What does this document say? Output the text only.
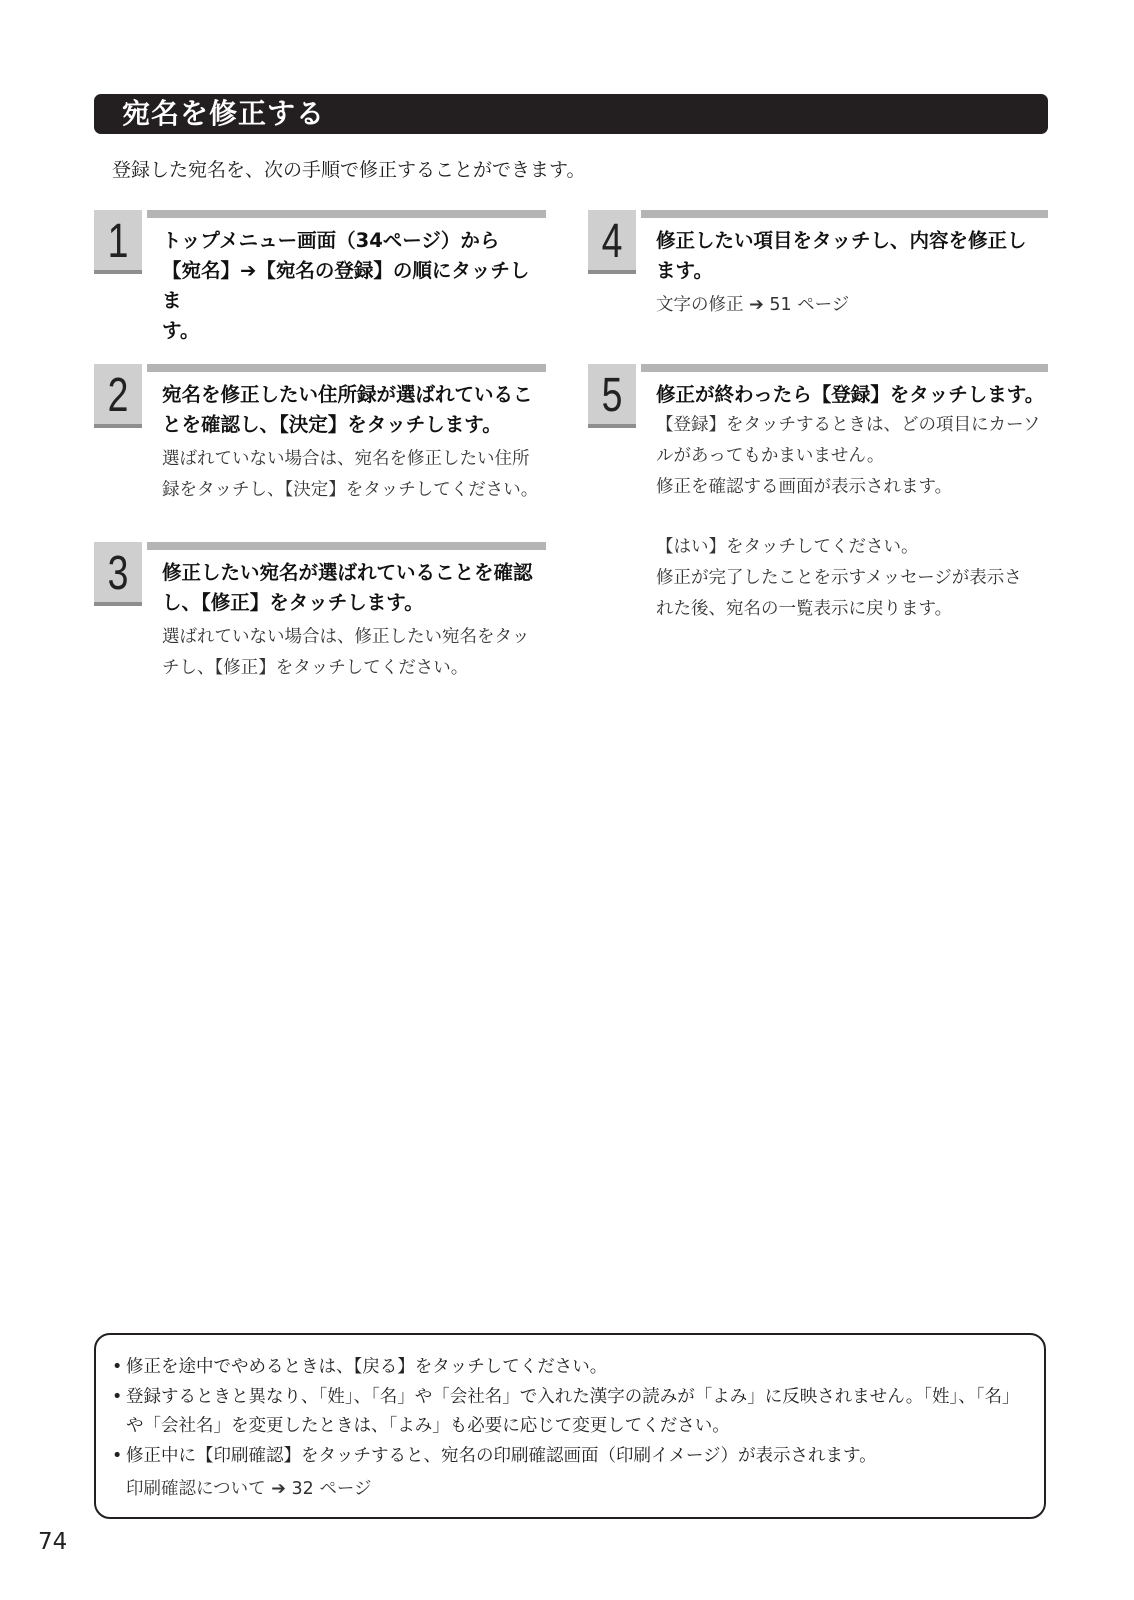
宛名を修正する
登録した宛名を、次の手順で修正することができます。
1	トップメニュー画面（34ページ）から
【宛名】➔【宛名の登録】の順にタッチしま
す。
2	宛名を修正したい住所録が選ばれているこ
とを確認し、【決定】をタッチします。

選ばれていない場合は、宛名を修正したい住所

録をタッチし、【決定】をタッチしてください。

3	修正したい宛名が選ばれていることを確認
し、【修正】をタッチします。

選ばれていない場合は、修正したい宛名をタッ

チし、【修正】をタッチしてください。

4	修正したい項目をタッチし、内容を修正し
ます。
文字の修正 ➔ 51 ページ
5	修正が終わったら【登録】をタッチします。

【登録】をタッチするときは、どの項目にカーソ

ルがあってもかまいません。

修正を確認する画面が表示されます。

【はい】をタッチしてください。

修正が完了したことを示すメッセージが表示さ

れた後、宛名の一覧表示に戻ります。

• 修正を途中でやめるときは、【戻る】をタッチしてください。
• 登録するときと異なり、「姓」、「名」や「会社名」で入れた漢字の読みが「よみ」に反映されません。「姓」、「名」や「会社名」を変更したときは、「よみ」も必要に応じて変更してください。
• 修正中に【印刷確認】をタッチすると、宛名の印刷確認画面（印刷イメージ）が表示されます。
印刷確認について ➔ 32 ページ
74
